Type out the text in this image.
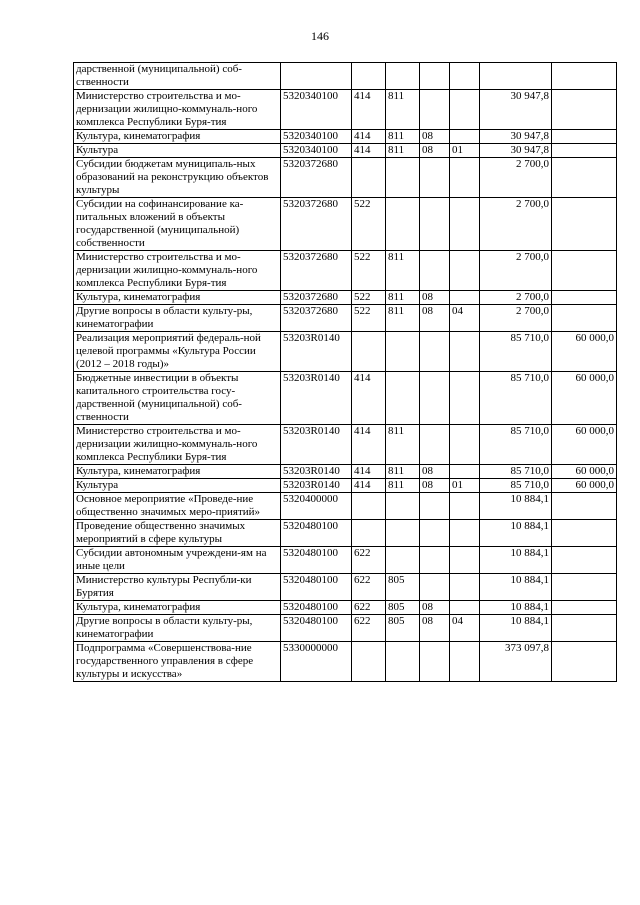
146
дарственной (муниципальной) соб-ственности							
Министерство строительства и мо-дернизации жилищно-коммуналь-ного комплекса Республики Буря-тия	5320340100	414	811			30 947,8	
Культура, кинематография	5320340100	414	811	08		30 947,8	
Культура	5320340100	414	811	08	01	30 947,8	
Субсидии бюджетам муниципаль-ных образований на реконструкцию объектов культуры	5320372680					2 700,0	
Субсидии на софинансирование ка-питальных вложений в объекты государственной (муниципальной) собственности	5320372680	522				2 700,0	
Министерство строительства и мо-дернизации жилищно-коммуналь-ного комплекса Республики Буря-тия	5320372680	522	811			2 700,0	
Культура, кинематография	5320372680	522	811	08		2 700,0	
Другие вопросы в области культу-ры, кинематографии	5320372680	522	811	08	04	2 700,0	
Реализация мероприятий федераль-ной целевой программы «Культура России (2012 – 2018 годы)»	53203R0140					85 710,0	60 000,0
Бюджетные инвестиции в объекты капитального строительства госу-дарственной (муниципальной) соб-ственности	53203R0140	414				85 710,0	60 000,0
Министерство строительства и мо-дернизации жилищно-коммуналь-ного комплекса Республики Буря-тия	53203R0140	414	811			85 710,0	60 000,0
Культура, кинематография	53203R0140	414	811	08		85 710,0	60 000,0
Культура	53203R0140	414	811	08	01	85 710,0	60 000,0
Основное мероприятие «Проведе-ние общественно значимых меро-приятий»	5320400000					10 884,1	
Проведение общественно значимых мероприятий в сфере культуры	5320480100					10 884,1	
Субсидии автономным учреждени-ям на иные цели	5320480100	622				10 884,1	
Министерство культуры Республи-ки Бурятия	5320480100	622	805			10 884,1	
Культура, кинематография	5320480100	622	805	08		10 884,1	
Другие вопросы в области культу-ры, кинематографии	5320480100	622	805	08	04	10 884,1	
Подпрограмма «Совершенствова-ние государственного управления в сфере культуры и искусства»	5330000000					373 097,8	
